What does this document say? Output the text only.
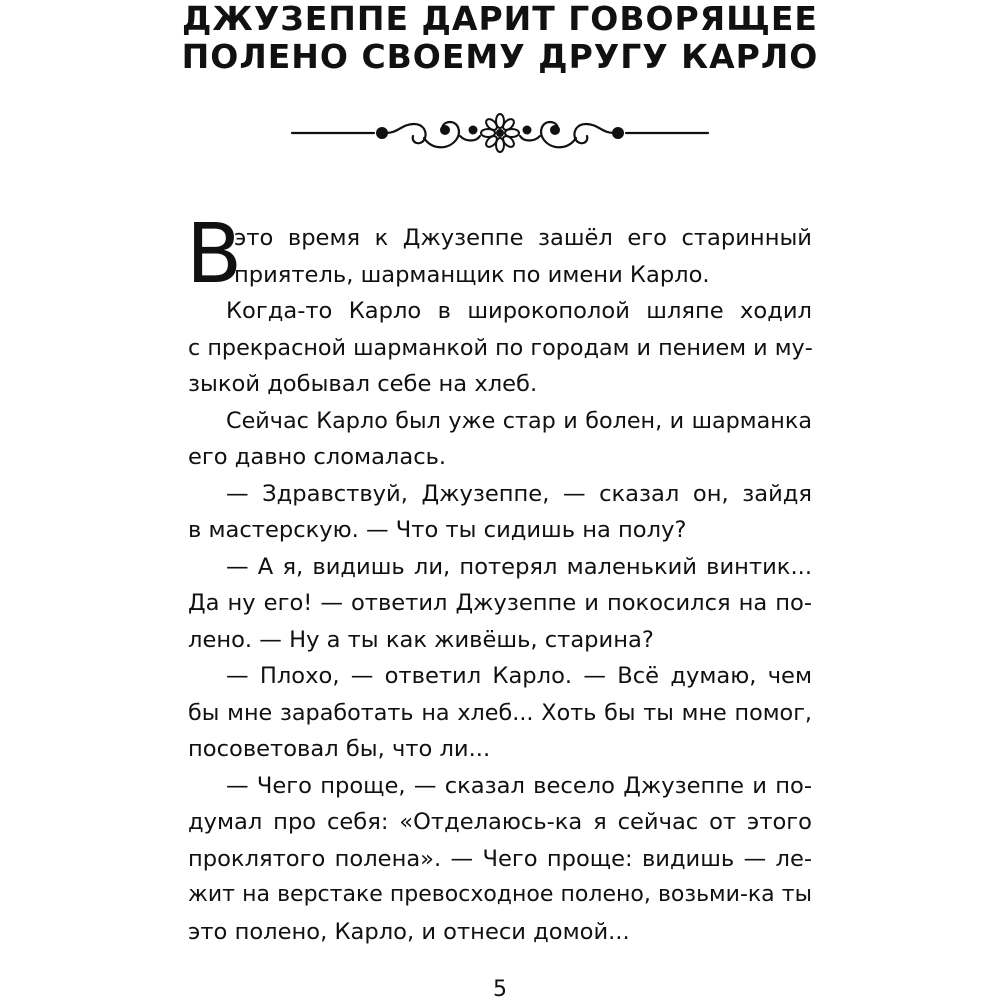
ДЖУЗЕППЕ ДАРИТ ГОВОРЯЩЕЕ
ПОЛЕНО СВОЕМУ ДРУГУ КАРЛО
В
это время к Джузеппе зашёл его старинный
приятель, шарманщик по имени Карло.
Когда-то Карло в широкополой шляпе ходил
с прекрасной шарманкой по городам и пением и му-
зыкой добывал себе на хлеб.
Сейчас Карло был уже стар и болен, и шарманка
его давно сломалась.
— Здравствуй, Джузеппе, — сказал он, зайдя
в мастерскую. — Что ты сидишь на полу?
— А я, видишь ли, потерял маленький винтик...
Да ну его! — ответил Джузеппе и покосился на по-
лено. — Ну а ты как живёшь, старина?
— Плохо, — ответил Карло. — Всё думаю, чем
бы мне заработать на хлеб... Хоть бы ты мне помог,
посоветовал бы, что ли...
— Чего проще, — сказал весело Джузеппе и по-
думал про себя: «Отделаюсь-ка я сейчас от этого
проклятого полена». — Чего проще: видишь — ле-
жит на верстаке превосходное полено, возьми-ка ты
это полено, Карло, и отнеси домой...
5
